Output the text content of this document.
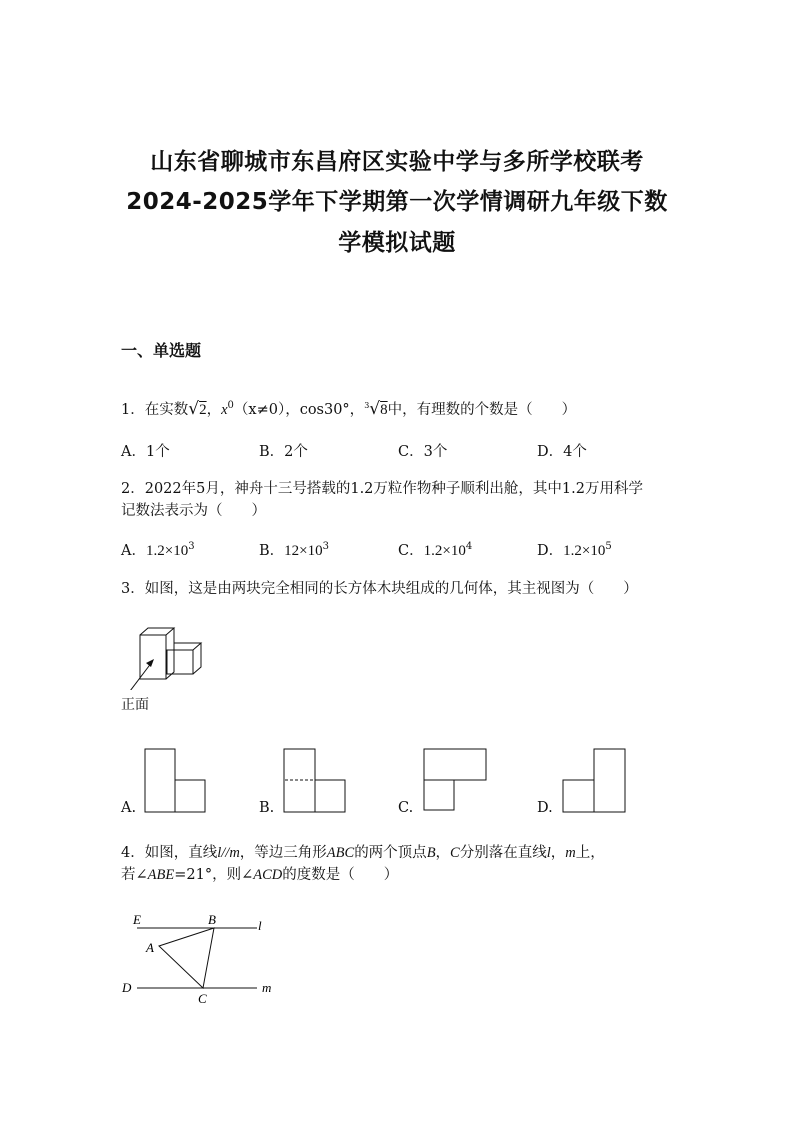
山东省聊城市东昌府区实验中学与多所学校联考
2024-2025学年下学期第一次学情调研九年级下数
学模拟试题
一、单选题
1．在实数√2，$x^0(x\ne 0)$，cos30°，$^3$√8中，有理数的个数是（　　）
A．1个	B．2个	C．3个	D．4个
2．2022年5月，神舟十三号搭载的1.2万粒作物种子顺利出舱，其中1.2万用科学
记数法表示为（　　）
A．$1.2\times 10^3$	B．$12\times 10^3$	C．$1.2\times 10^4$	D．$1.2\times 10^5$
3．如图，这是由两块完全相同的长方体木块组成的几何体，其主视图为（　　）
正面
A.	B.	C.	D.
4．如图，直线l//m，等边三角形ABC的两个顶点B，C分别落在直线l，m上，
若∠ABE=21°，则∠ACD的度数是（　　）
E	B	l
A
D
C
m
